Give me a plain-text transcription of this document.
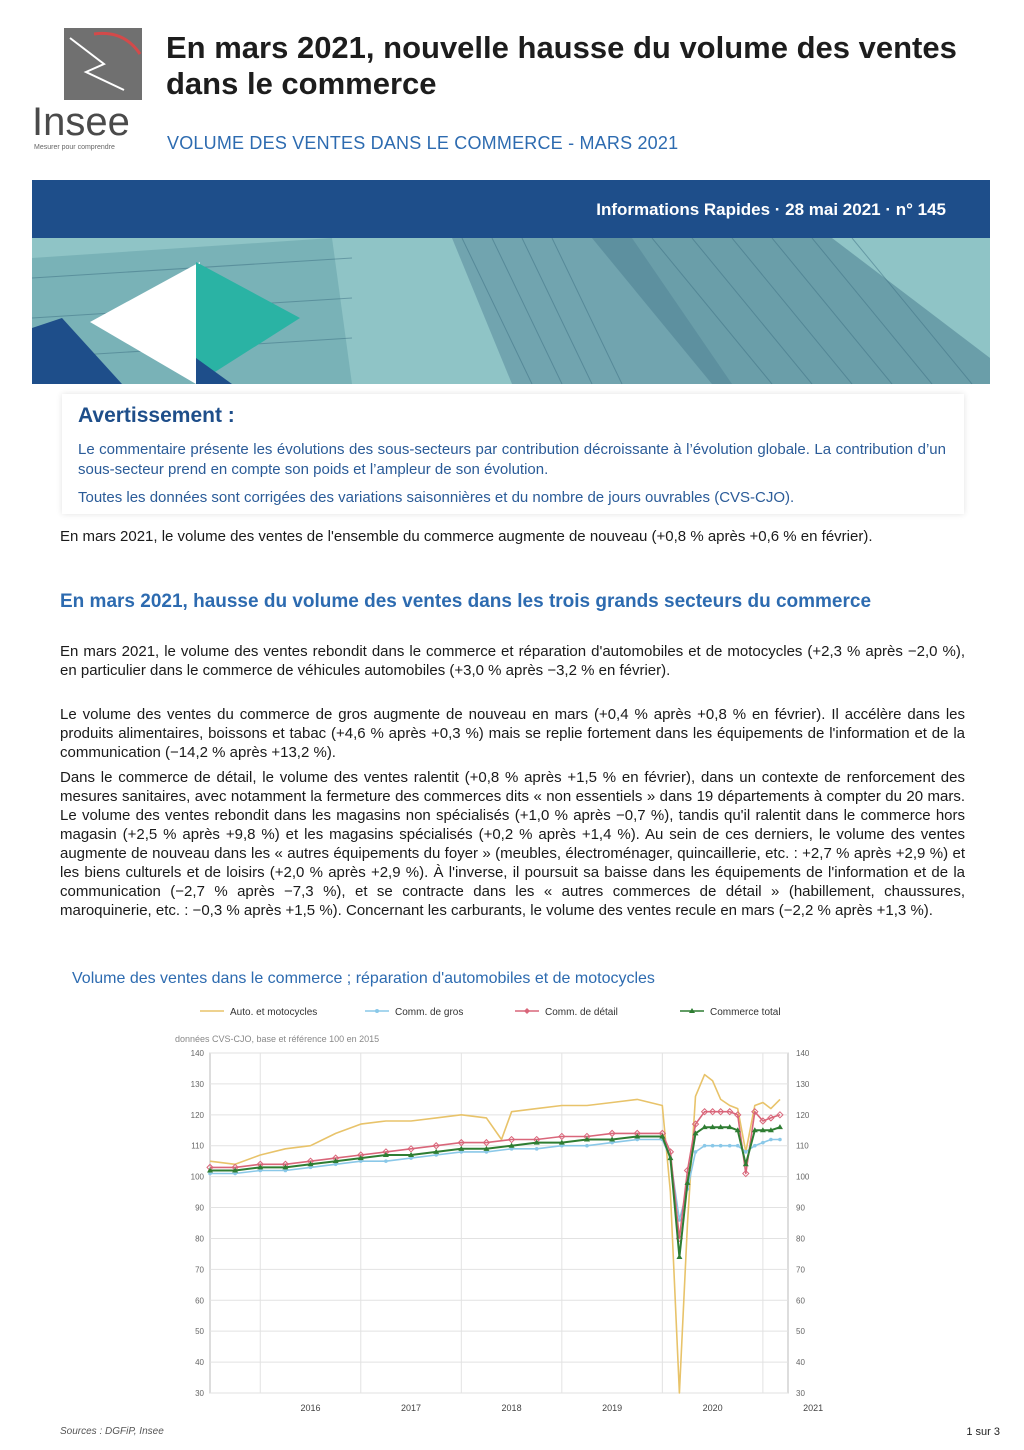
Insee
Mesurer pour comprendre
En mars 2021, nouvelle hausse du volume des ventes dans le commerce
VOLUME DES VENTES DANS LE COMMERCE - MARS 2021
Informations Rapides · 28 mai 2021 · n° 145
Avertissement :
Le commentaire présente les évolutions des sous-secteurs par contribution décroissante à l’évolution globale. La contribution d’un sous-secteur prend en compte son poids et l’ampleur de son évolution.
Toutes les données sont corrigées des variations saisonnières et du nombre de jours ouvrables (CVS-CJO).
En mars 2021, le volume des ventes de l'ensemble du commerce augmente de nouveau (+0,8 % après +0,6 % en février).
En mars 2021, hausse du volume des ventes dans les trois grands secteurs du commerce
En mars 2021, le volume des ventes rebondit dans le commerce et réparation d'automobiles et de motocycles (+2,3 % après −2,0 %), en particulier dans le commerce de véhicules automobiles (+3,0 % après −3,2 % en février).
Le volume des ventes du commerce de gros augmente de nouveau en mars (+0,4 % après +0,8 % en février). Il accélère dans les produits alimentaires, boissons et tabac (+4,6 % après +0,3 %) mais se replie fortement dans les équipements de l'information et de la communication (−14,2 % après +13,2 %).
Dans le commerce de détail, le volume des ventes ralentit (+0,8 % après +1,5 % en février), dans un contexte de renforcement des mesures sanitaires, avec notamment la fermeture des commerces dits « non essentiels » dans 19 départements à compter du 20 mars. Le volume des ventes rebondit dans les magasins non spécialisés (+1,0 % après −0,7 %), tandis qu'il ralentit dans le commerce hors magasin (+2,5 % après +9,8 %) et les magasins spécialisés (+0,2 % après +1,4 %). Au sein de ces derniers, le volume des ventes augmente de nouveau dans les « autres équipements du foyer » (meubles, électroménager, quincaillerie, etc. : +2,7 % après +2,9 %) et les biens culturels et de loisirs (+2,0 % après +2,9 %). À l'inverse, il poursuit sa baisse dans les équipements de l'information et de la communication (−2,7 % après −7,3 %), et se contracte dans les « autres commerces de détail » (habillement, chaussures, maroquinerie, etc. : −0,3 % après +1,5 %). Concernant les carburants, le volume des ventes recule en mars (−2,2 % après +1,3 %).
Volume des ventes dans le commerce ; réparation d'automobiles et de motocycles
Auto. et motocycles	Comm. de gros	Comm. de détail	Commerce total
données CVS-CJO, base et référence 100 en 2015
30
40
50
60
70
80
90
100
110
120
130
140
30
40
50
60
70
80
90
100
110
120
130
140
2016	2017	2018	2019	2020	2021
Sources : DGFiP, Insee	1 sur 3
